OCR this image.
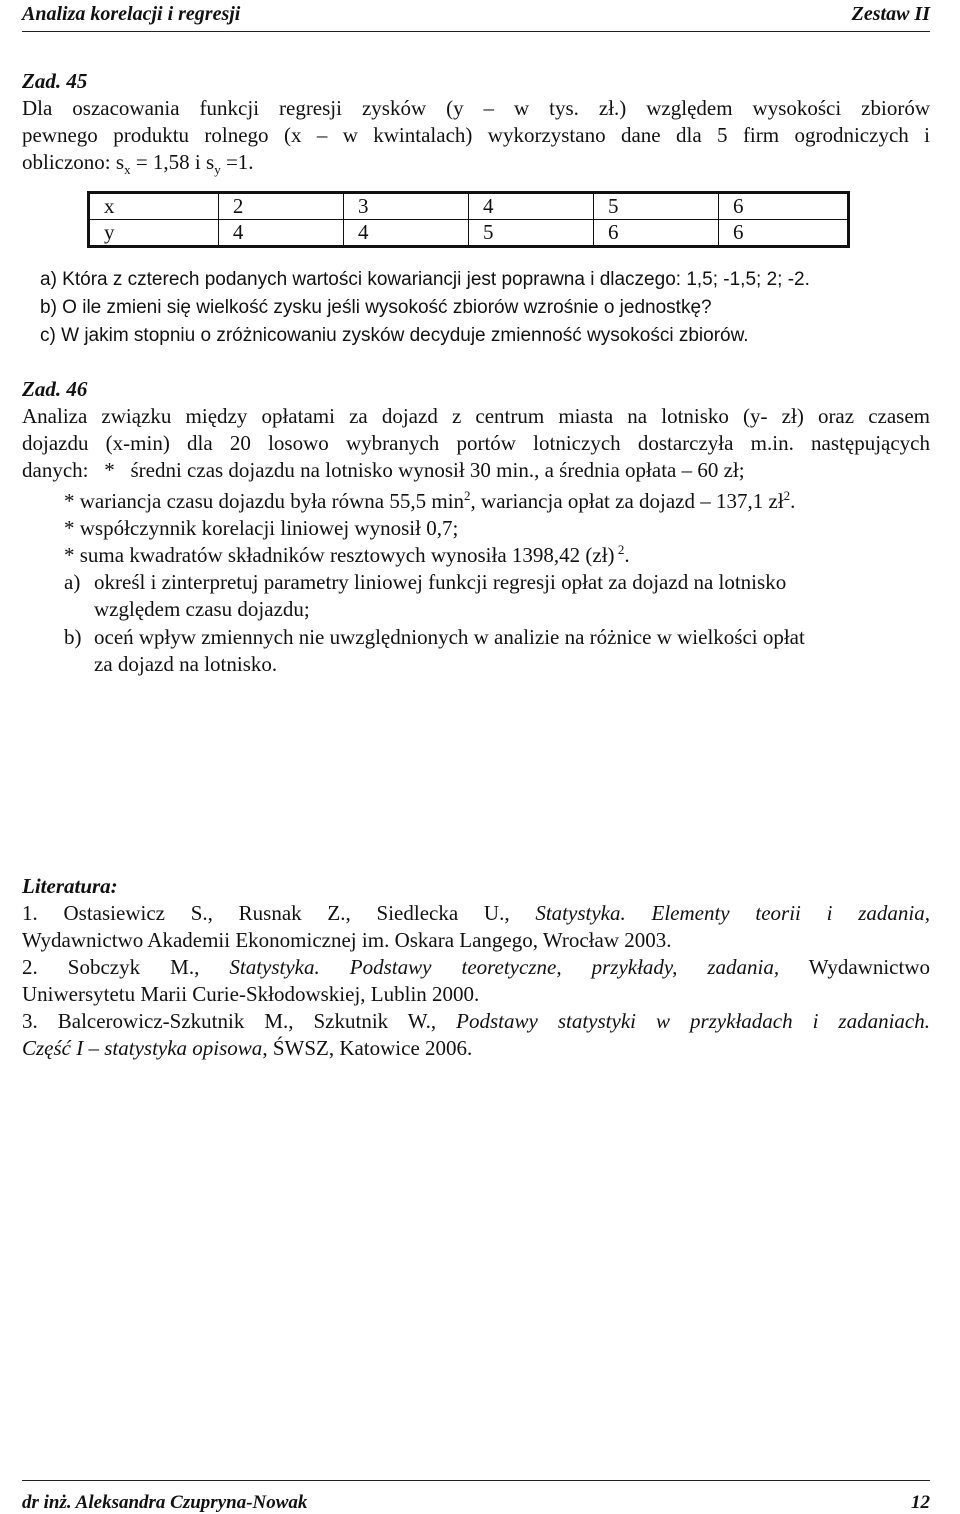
Analiza korelacji i regresji	Zestaw II
Zad. 45
Dla oszacowania funkcji regresji zysków (y – w tys. zł.) względem wysokości zbiorów
pewnego produktu rolnego (x – w kwintalach) wykorzystano dane dla 5 firm ogrodniczych i
obliczono: $s_x = 1,58$ i $s_y =1$.
x	2	3	4	5	6
y	4	4	5	6	6
a) Która z czterech podanych wartości kowariancji jest poprawna i dlaczego: 1,5; -1,5; 2; -2.
b) O ile zmieni się wielkość zysku jeśli wysokość zbiorów wzrośnie o jednostkę?
c) W jakim stopniu o zróżnicowaniu zysków decyduje zmienność wysokości zbiorów.
Zad. 46
Analiza związku między opłatami za dojazd z centrum miasta na lotnisko (y- zł) oraz czasem
dojazdu (x-min) dla 20 losowo wybranych portów lotniczych dostarczyła m.in. następujących
danych:   *   średni czas dojazdu na lotnisko wynosił 30 min., a średnia opłata – 60 zł;
* wariancja czasu dojazdu była równa 55,5 $\min^2$, wariancja opłat za dojazd – 137,1 $zł^2$.
* współczynnik korelacji liniowej wynosił 0,7;
* suma kwadratów składników resztowych wynosiła 1398,42 (zł) $^2$.
a) określ i zinterpretuj parametry liniowej funkcji regresji opłat za dojazd na lotnisko
względem czasu dojazdu;
b) oceń wpływ zmiennych nie uwzględnionych w analizie na różnice w wielkości opłat
za dojazd na lotnisko.
Literatura:
1. Ostasiewicz S., Rusnak Z., Siedlecka U., Statystyka. Elementy teorii i zadania,
Wydawnictwo Akademii Ekonomicznej im. Oskara Langego, Wrocław 2003.
2. Sobczyk M., Statystyka. Podstawy teoretyczne, przykłady, zadania, Wydawnictwo
Uniwersytetu Marii Curie-Skłodowskiej, Lublin 2000.
3. Balcerowicz-Szkutnik M., Szkutnik W., Podstawy statystyki w przykładach i zadaniach.
Część I – statystyka opisowa, ŚWSZ, Katowice 2006.
dr inż. Aleksandra Czupryna-Nowak	12
